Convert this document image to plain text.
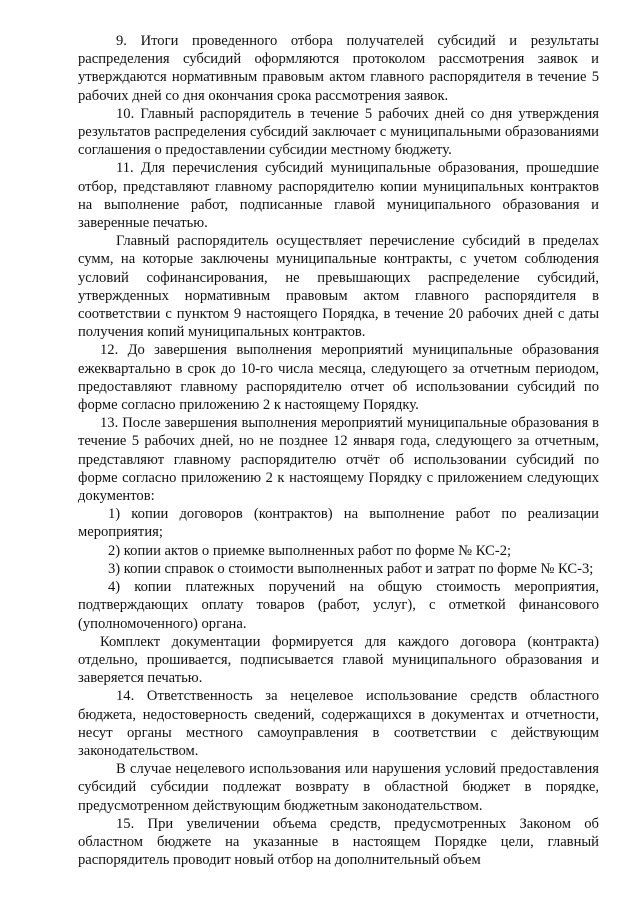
9. Итоги проведенного отбора получателей субсидий и результаты распределения субсидий оформляются протоколом рассмотрения заявок и утверждаются нормативным правовым актом главного распорядителя в течение 5 рабочих дней со дня окончания срока рассмотрения заявок.

10. Главный распорядитель в течение 5 рабочих дней со дня утверждения результатов распределения субсидий заключает с муниципальными образованиями соглашения о предоставлении субсидии местному бюджету.

11. Для перечисления субсидий муниципальные образования, прошедшие отбор, представляют главному распорядителю копии муниципальных контрактов на выполнение работ, подписанные главой муниципального образования и заверенные печатью.

Главный распорядитель осуществляет перечисление субсидий в пределах сумм, на которые заключены муниципальные контракты, с учетом соблюдения условий софинансирования, не превышающих распределение субсидий, утвержденных нормативным правовым актом главного распорядителя в соответствии с пунктом 9 настоящего Порядка, в течение 20 рабочих дней с даты получения копий муниципальных контрактов.

12. До завершения выполнения мероприятий муниципальные образования ежеквартально в срок до 10-го числа месяца, следующего за отчетным периодом, предоставляют главному распорядителю отчет об использовании субсидий по форме согласно приложению 2 к настоящему Порядку.

13. После завершения выполнения мероприятий муниципальные образования в течение 5 рабочих дней, но не позднее 12 января года, следующего за отчетным, представляют главному распорядителю отчёт об использовании субсидий по форме согласно приложению 2 к настоящему Порядку с приложением следующих документов:

1) копии договоров (контрактов) на выполнение работ по реализации мероприятия;

2) копии актов о приемке выполненных работ по форме № КС-2;

3) копии справок о стоимости выполненных работ и затрат по форме № КС-3;

4) копии платежных поручений на общую стоимость мероприятия, подтверждающих оплату товаров (работ, услуг), с отметкой финансового (уполномоченного) органа.

Комплект документации формируется для каждого договора (контракта) отдельно, прошивается, подписывается главой муниципального образования и заверяется печатью.

14. Ответственность за нецелевое использование средств областного бюджета, недостоверность сведений, содержащихся в документах и отчетности, несут органы местного самоуправления в соответствии с действующим законодательством.

В случае нецелевого использования или нарушения условий предоставления субсидий субсидии подлежат возврату в областной бюджет в порядке, предусмотренном действующим бюджетным законодательством.

15. При увеличении объема средств, предусмотренных Законом об областном бюджете на указанные в настоящем Порядке цели, главный распорядитель проводит новый отбор на дополнительный объем
